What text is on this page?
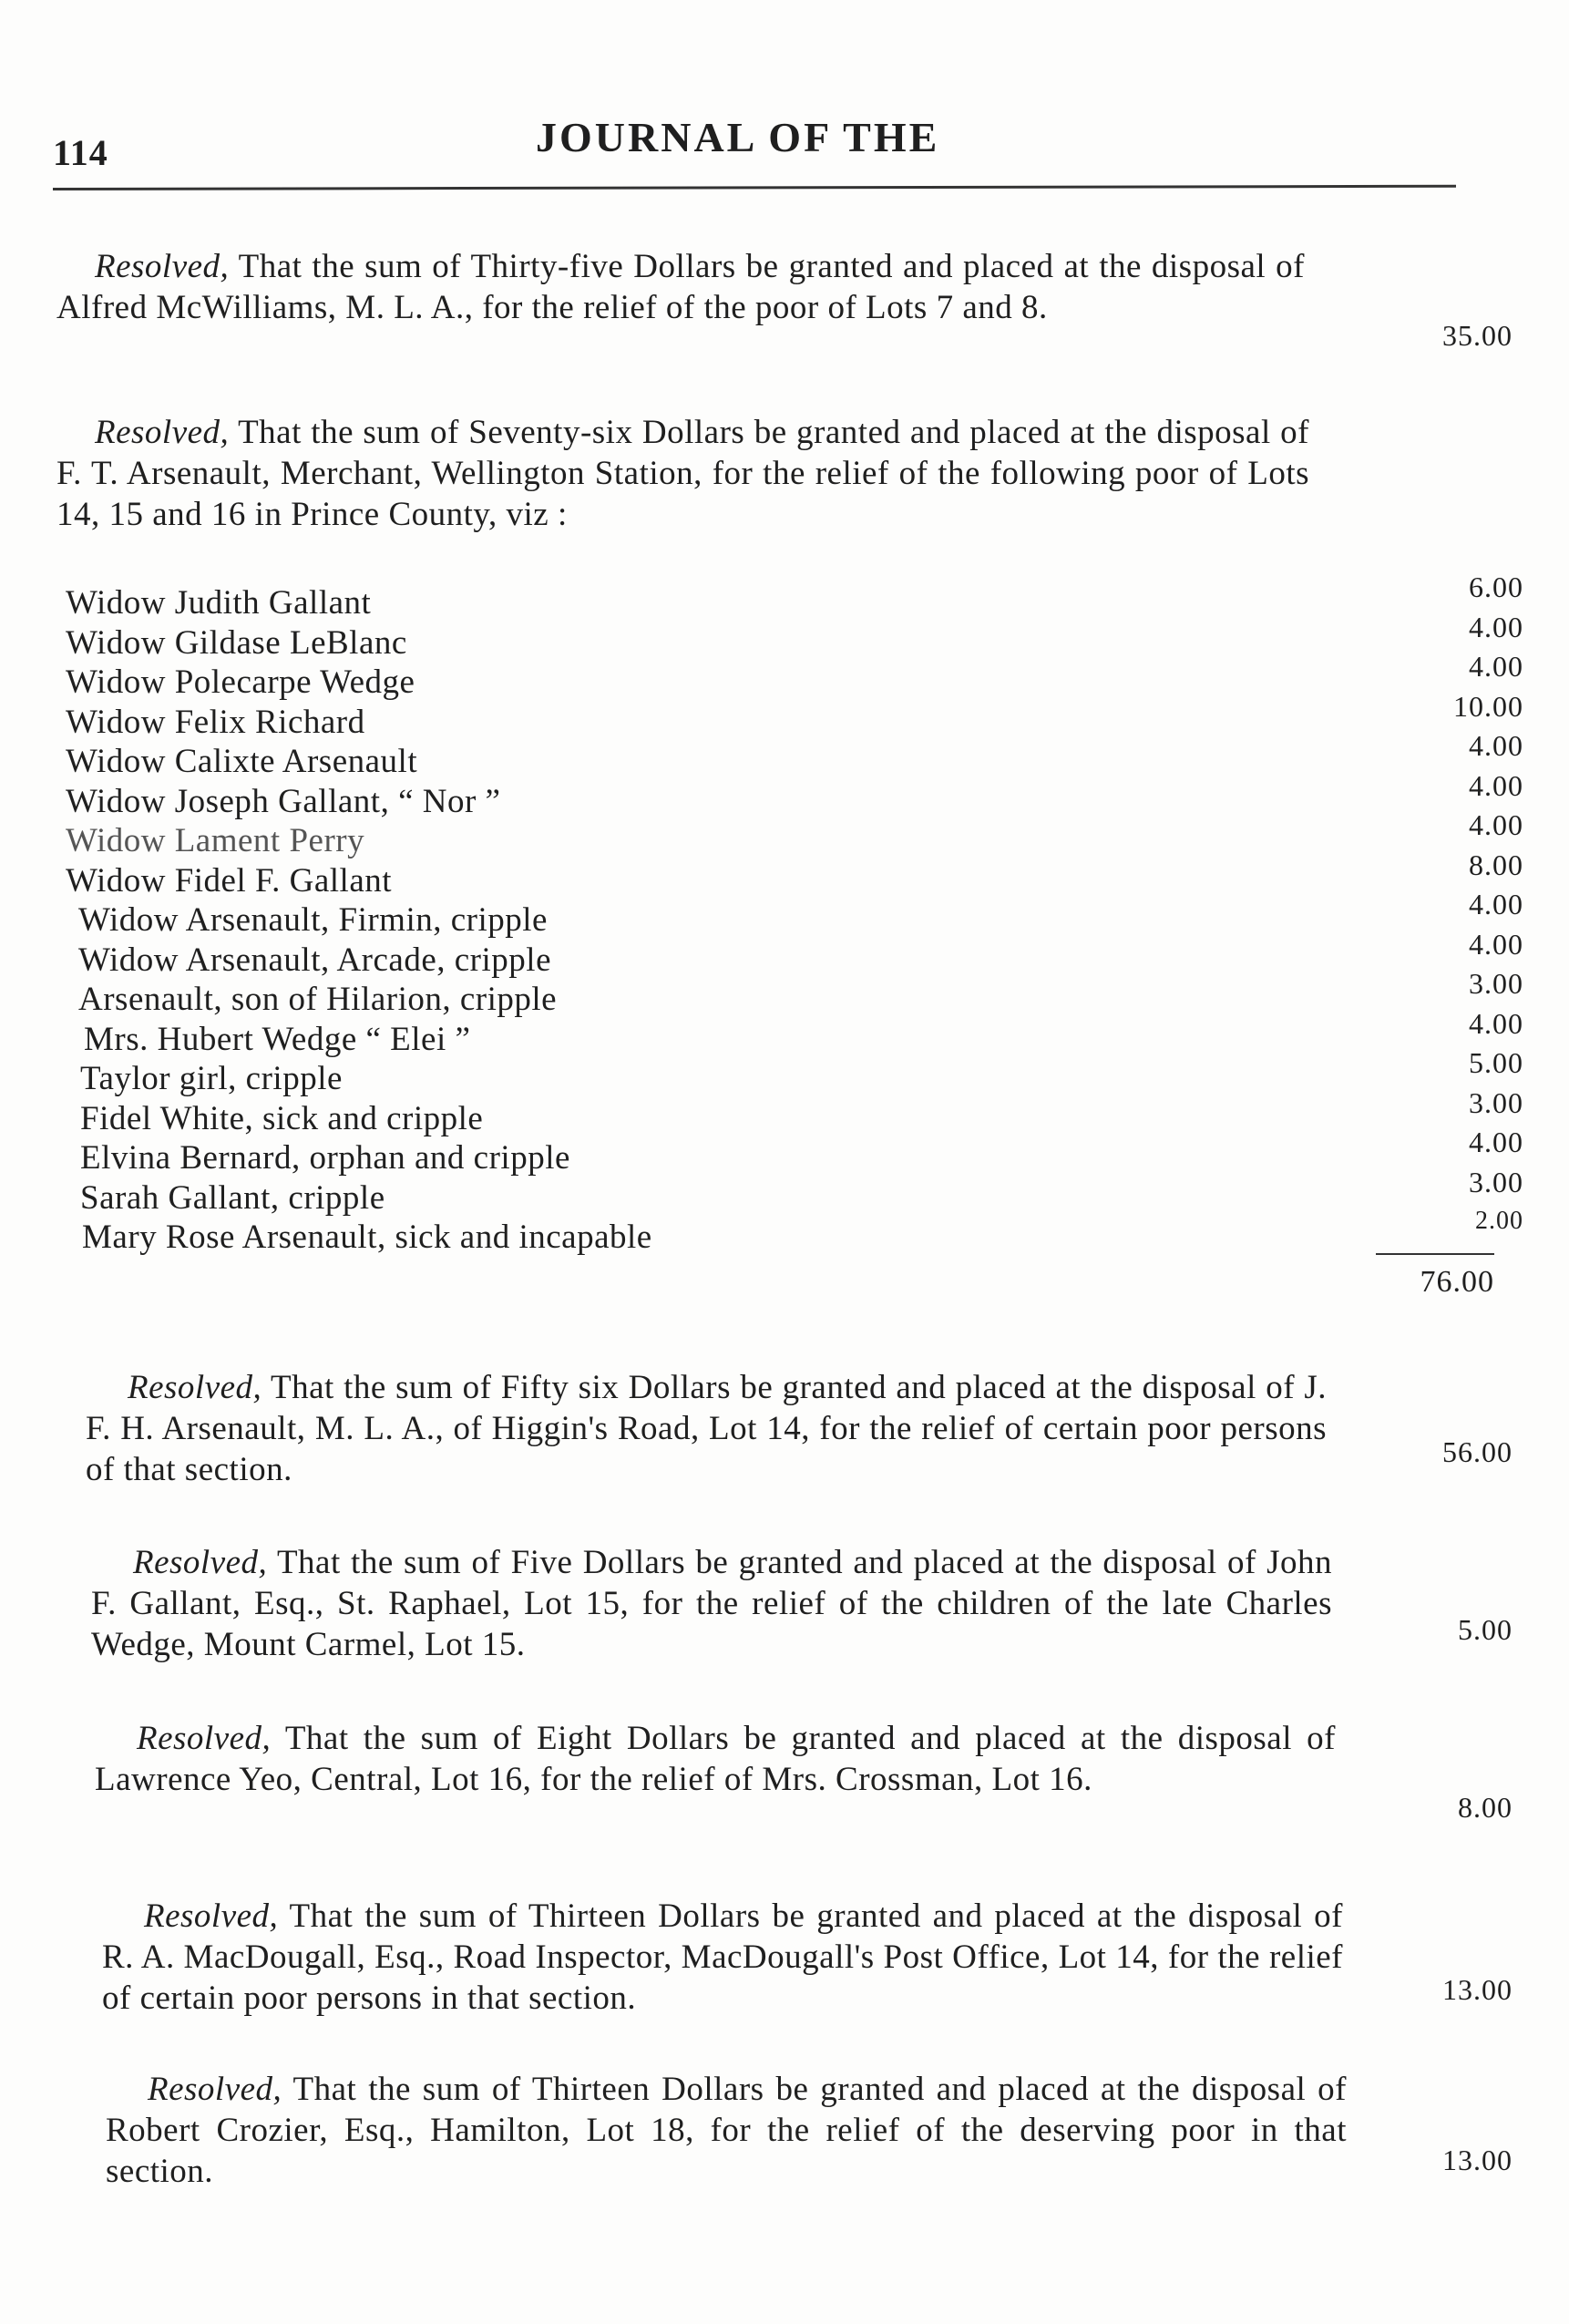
114	JOURNAL OF THE
Resolved, That the sum of Thirty-five Dollars be granted and placed at the disposal of Alfred McWilliams, M. L. A., for the relief of the poor of Lots 7 and 8.
35.00
Resolved, That the sum of Seventy-six Dollars be granted and placed at the disposal of F. T. Arsenault, Merchant, Wellington Station, for the relief of the following poor of Lots 14, 15 and 16 in Prince County, viz :
Widow Judith Gallant	6.00
Widow Gildase LeBlanc	4.00
Widow Polecarpe Wedge	4.00
Widow Felix Richard	10.00
Widow Calixte Arsenault	4.00
Widow Joseph Gallant, “ Nor ”	4.00
Widow Lament Perry	4.00
Widow Fidel F. Gallant	8.00
Widow Arsenault, Firmin, cripple	4.00
Widow Arsenault, Arcade, cripple	4.00
Arsenault, son of Hilarion, cripple	3.00
Mrs. Hubert Wedge “ Elei ”	4.00
Taylor girl, cripple	5.00
Fidel White, sick and cripple	3.00
Elvina Bernard, orphan and cripple	4.00
Sarah Gallant, cripple	3.00
Mary Rose Arsenault, sick and incapable	2.00
76.00
Resolved, That the sum of Fifty six Dollars be granted and placed at the disposal of J. F. H. Arsenault, M. L. A., of Higgin's Road, Lot 14, for the relief of certain poor persons of that section.	56.00
Resolved, That the sum of Five Dollars be granted and placed at the disposal of John F. Gallant, Esq., St. Raphael, Lot 15, for the relief of the children of the late Charles Wedge, Mount Carmel, Lot 15.	5.00
Resolved, That the sum of Eight Dollars be granted and placed at the disposal of Lawrence Yeo, Central, Lot 16, for the relief of Mrs. Crossman, Lot 16.
8.00
Resolved, That the sum of Thirteen Dollars be granted and placed at the disposal of R. A. MacDougall, Esq., Road Inspector, MacDougall's Post Office, Lot 14, for the relief of certain poor persons in that section.	13.00
Resolved, That the sum of Thirteen Dollars be granted and placed at the disposal of Robert Crozier, Esq., Hamilton, Lot 18, for the relief of the deserving poor in that section.	13.00
